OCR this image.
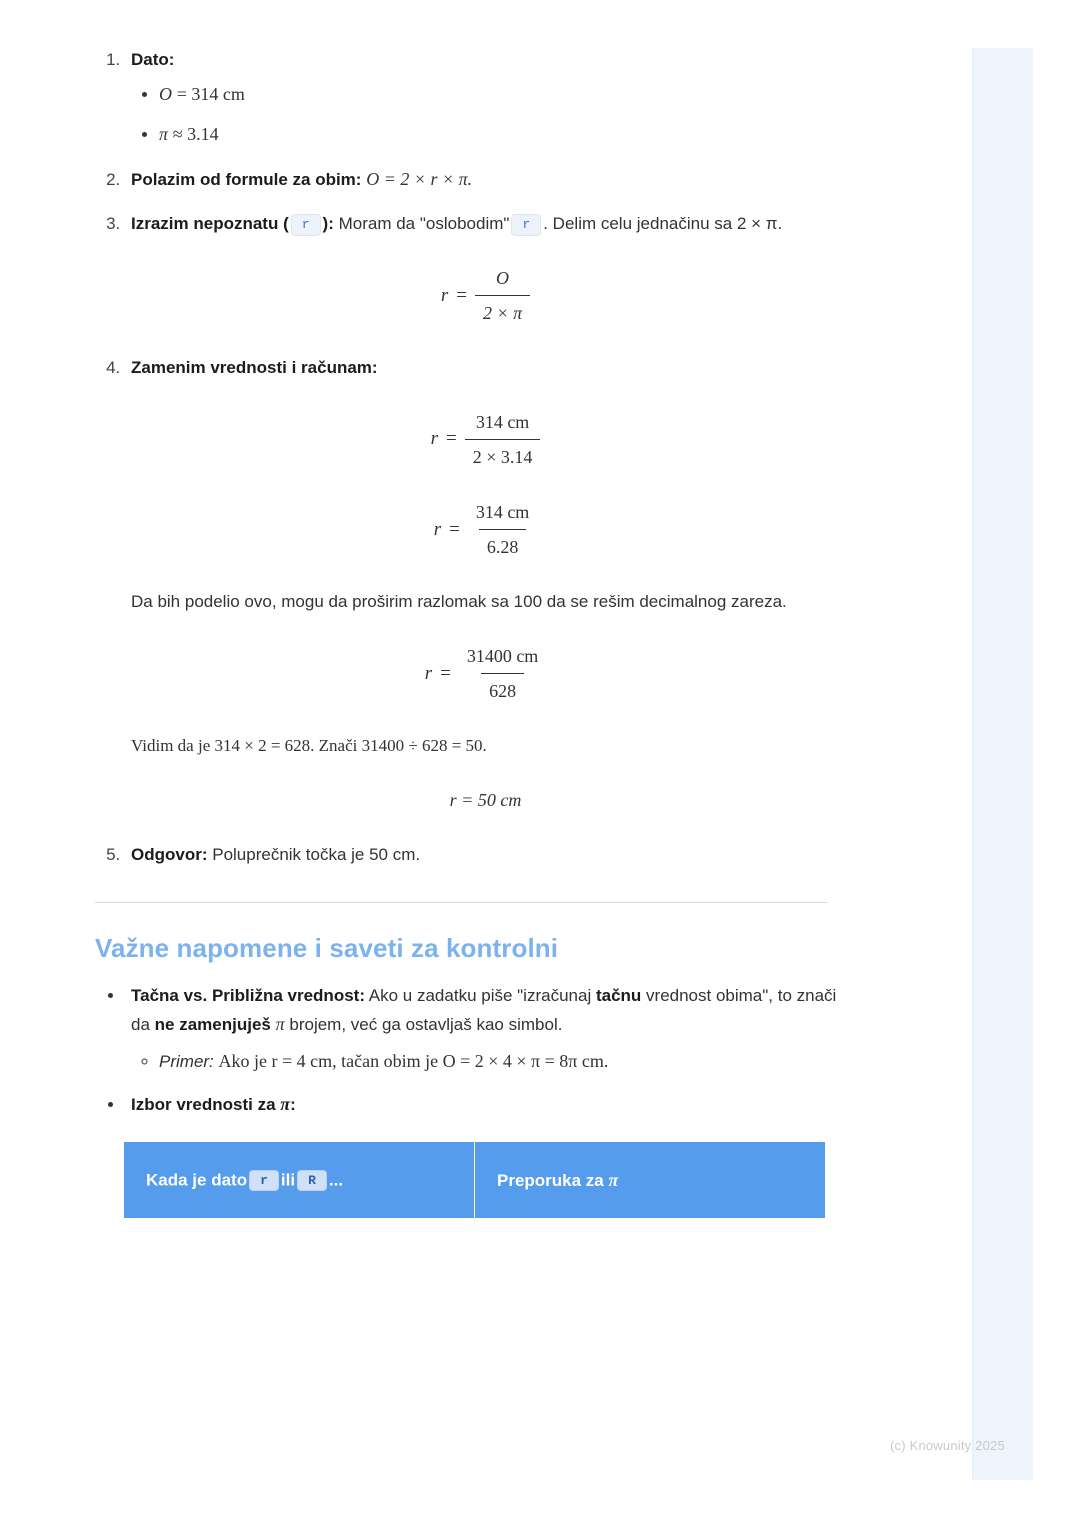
1. Dato:
• O = 314 cm
• π ≈ 3.14
2. Polazim od formule za obim: O = 2 × r × π.
3. Izrazim nepoznatu ( r ): Moram da "oslobodim" r . Delim celu jednačinu sa 2 × π.
$r = \frac{O}{2 \times \pi}$
4. Zamenim vrednosti i računam:
$r = \frac{314 cm}{2 \times 3.14}$
$r = \frac{314 cm}{6.28}$

Da bih podelio ovo, mogu da proširim razlomak sa 100 da se rešim decimalnog zareza.

$r = \frac{31400 cm}{628}$

Vidim da je 314 × 2 = 628. Znači 31400 ÷ 628 = 50.

r = 50 cm
5. Odgovor: Poluprečnik točka je 50 cm.
Važne napomene i saveti za kontrolni
• Tačna vs. Približna vrednost: Ako u zadatku piše "izračunaj tačnu vrednost obima", to znači da ne zamenjuješ π brojem, već ga ostavljaš kao simbol.
◦ Primer: Ako je r = 4 cm, tačan obim je O = 2 × 4 × π = 8π cm.
• Izbor vrednosti za π:
Kada je dato r ili R ...	Preporuka za π
(c) Knowunity 2025
